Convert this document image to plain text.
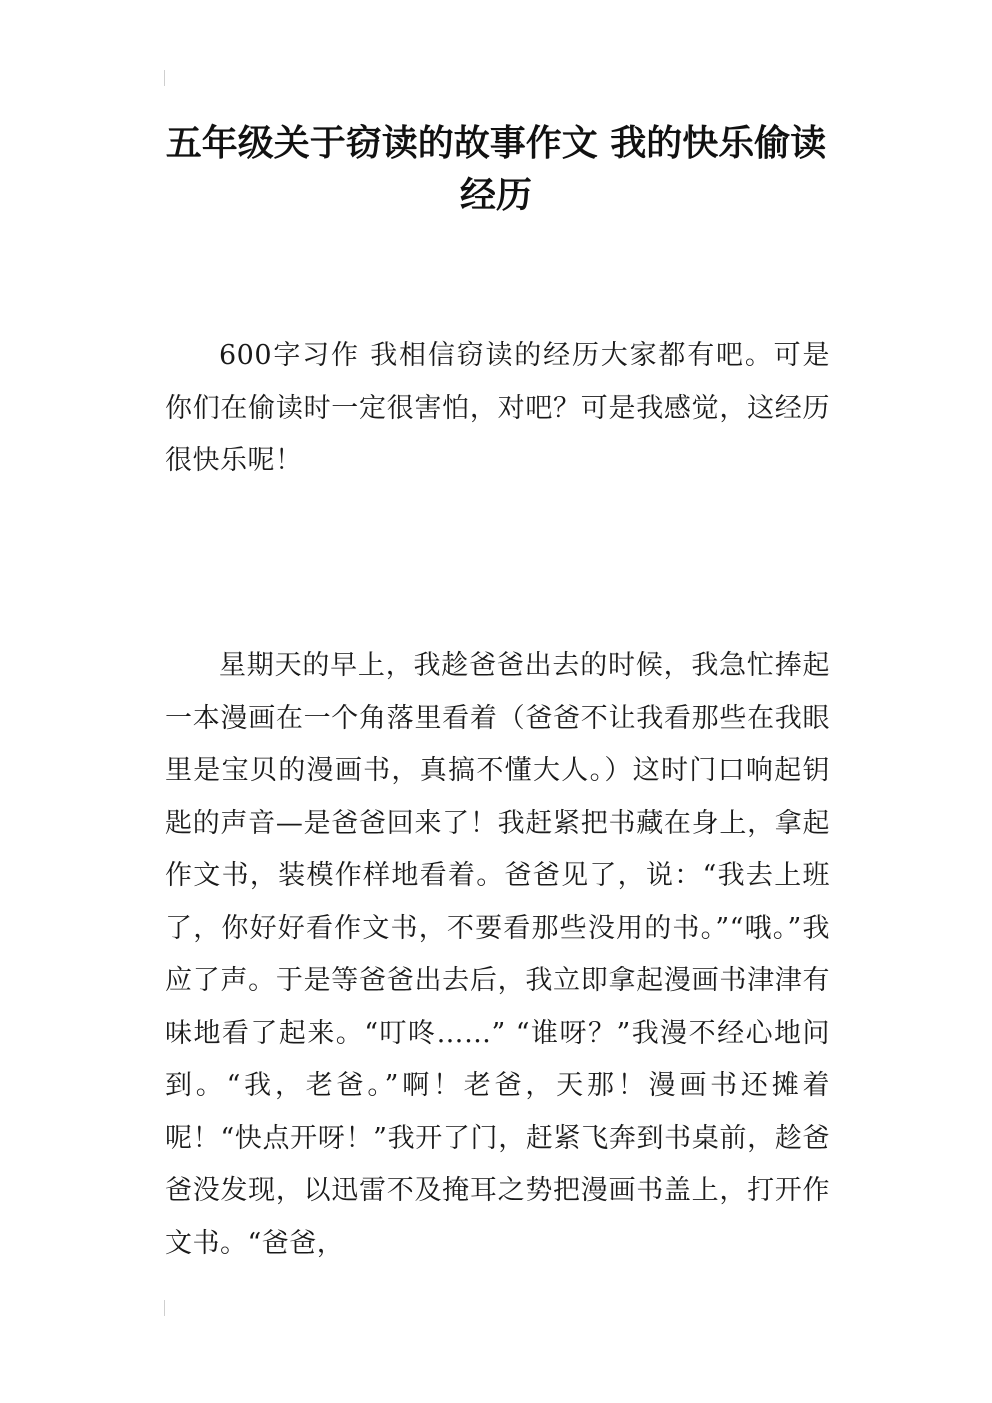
五年级关于窃读的故事作文 我的快乐偷读经历

600字习作 我相信窃读的经历大家都有吧。可是你们在偷读时一定很害怕，对吧？可是我感觉，这经历很快乐呢！

星期天的早上，我趁爸爸出去的时候，我急忙捧起一本漫画在一个角落里看着（爸爸不让我看那些在我眼里是宝贝的漫画书，真搞不懂大人。）这时门口响起钥匙的声音—是爸爸回来了！我赶紧把书藏在身上，拿起作文书，装模作样地看着。爸爸见了，说：“我去上班了，你好好看作文书，不要看那些没用的书。”“哦。”我应了声。于是等爸爸出去后，我立即拿起漫画书津津有味地看了起来。“叮咚……” “谁呀？”我漫不经心地问到。“我，老爸。”啊！老爸，天那！漫画书还摊着呢！“快点开呀！”我开了门，赶紧飞奔到书桌前，趁爸爸没发现，以迅雷不及掩耳之势把漫画书盖上，打开作文书。“爸爸，
